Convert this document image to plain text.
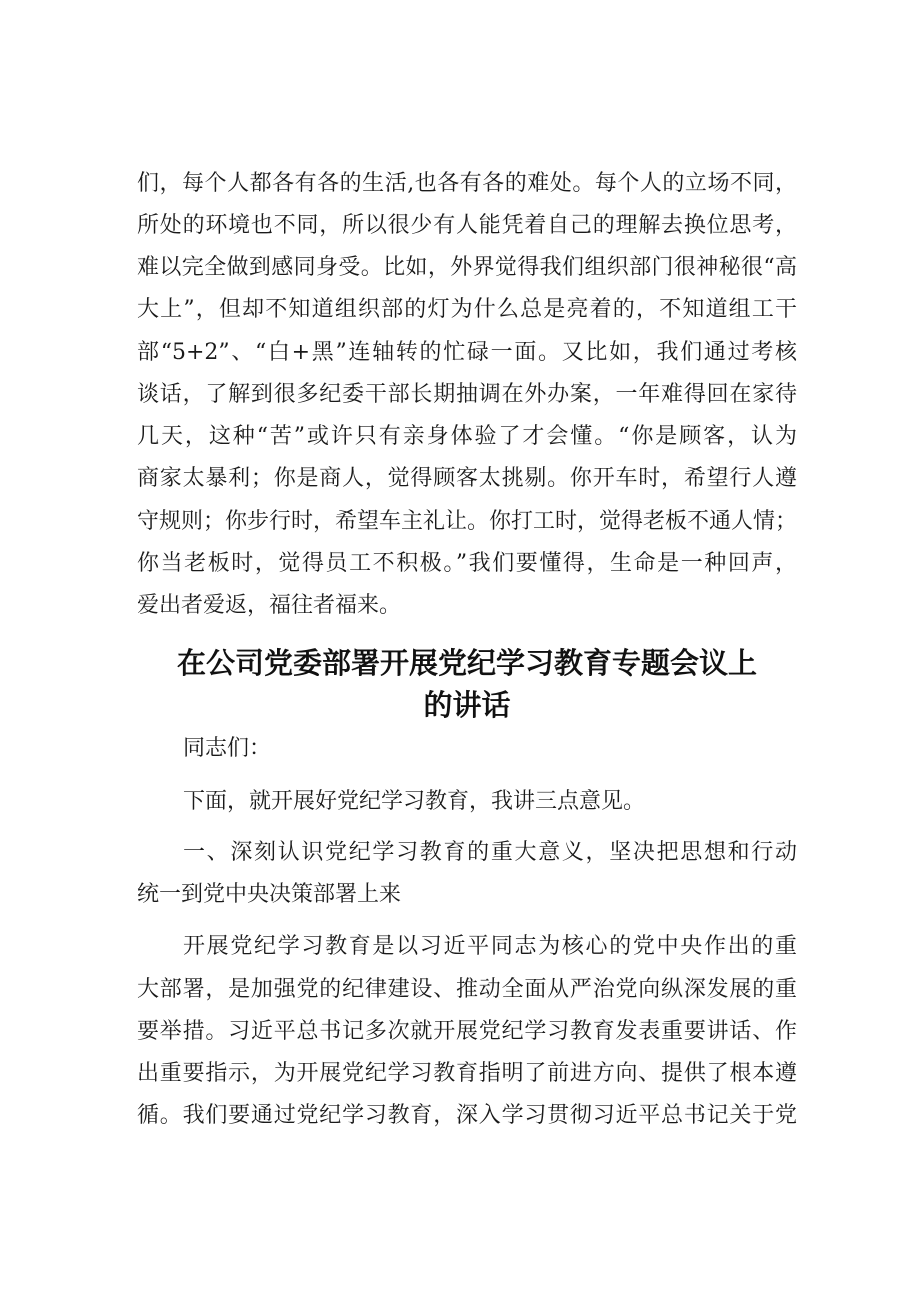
们，每个人都各有各的生活,也各有各的难处。每个人的立场不同，
所处的环境也不同，所以很少有人能凭着自己的理解去换位思考，
难以完全做到感同身受。比如，外界觉得我们组织部门很神秘很“高
大上”，但却不知道组织部的灯为什么总是亮着的，不知道组工干
部“5+2”、“白+黑”连轴转的忙碌一面。又比如，我们通过考核
谈话，了解到很多纪委干部长期抽调在外办案，一年难得回在家待
几天，这种“苦”或许只有亲身体验了才会懂。“你是顾客，认为
商家太暴利；你是商人，觉得顾客太挑剔。你开车时，希望行人遵
守规则；你步行时，希望车主礼让。你打工时，觉得老板不通人情；
你当老板时，觉得员工不积极。”我们要懂得，生命是一种回声，
爱出者爱返，福往者福来。
在公司党委部署开展党纪学习教育专题会议上
的讲话
同志们：
下面，就开展好党纪学习教育，我讲三点意见。
一、深刻认识党纪学习教育的重大意义，坚决把思想和行动
统一到党中央决策部署上来
开展党纪学习教育是以习近平同志为核心的党中央作出的重
大部署，是加强党的纪律建设、推动全面从严治党向纵深发展的重
要举措。习近平总书记多次就开展党纪学习教育发表重要讲话、作
出重要指示，为开展党纪学习教育指明了前进方向、提供了根本遵
循。我们要通过党纪学习教育，深入学习贯彻习近平总书记关于党
